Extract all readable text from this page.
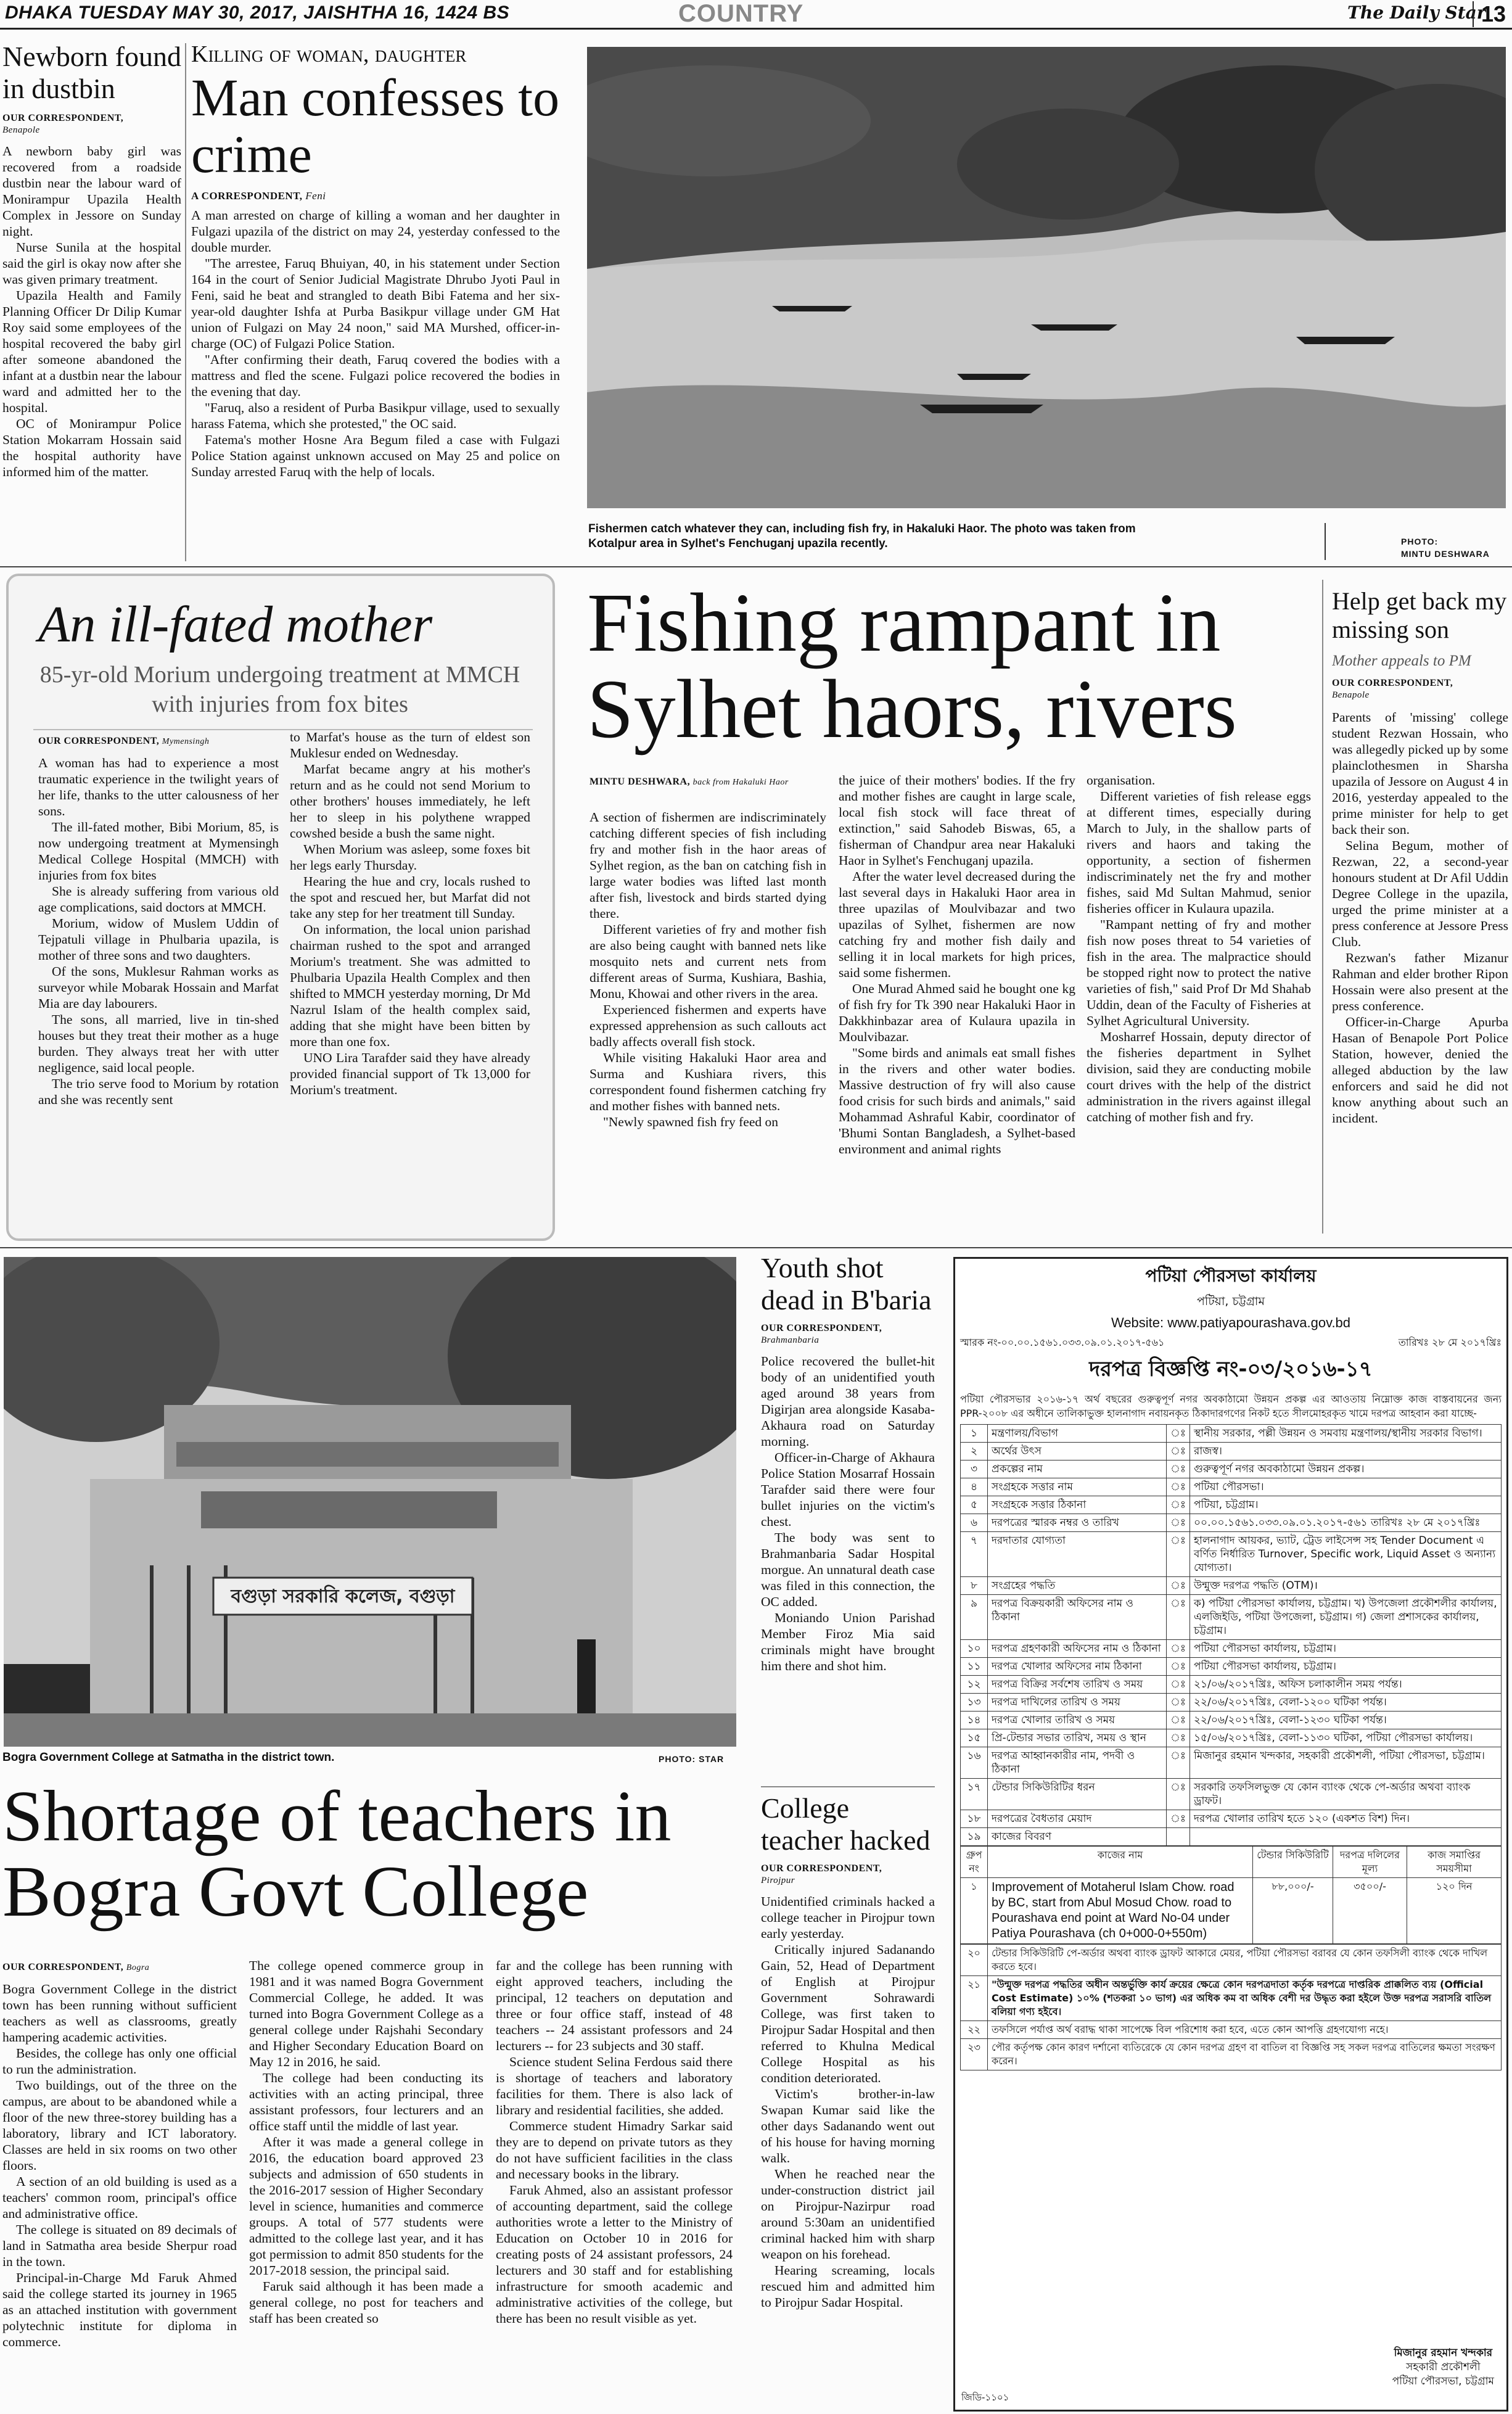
DHAKA TUESDAY MAY 30, 2017, JAISHTHA 16, 1424 BS	COUNTRY	The Daily Star
13
Newborn found in dustbin
OUR CORRESPONDENT,
Benapole

A newborn baby girl was recovered from a roadside dustbin near the labour ward of Monirampur Upazila Health Complex in Jessore on Sunday night.

Nurse Sunila at the hospital said the girl is okay now after she was given primary treatment.

Upazila Health and Family Planning Officer Dr Dilip Kumar Roy said some employees of the hospital recovered the baby girl after someone abandoned the infant at a dustbin near the labour ward and admitted her to the hospital.

OC of Monirampur Police Station Mokarram Hossain said the hospital authority have informed him of the matter.

Killing of woman, daughter
Man confesses to crime
A CORRESPONDENT, Feni

A man arrested on charge of killing a woman and her daughter in Fulgazi upazila of the district on may 24, yesterday confessed to the double murder.

"The arrestee, Faruq Bhuiyan, 40, in his statement under Section 164 in the court of Senior Judicial Magistrate Dhrubo Jyoti Paul in Feni, said he beat and strangled to death Bibi Fatema and her six-year-old daughter Ishfa at Purba Basikpur village under GM Hat union of Fulgazi on May 24 noon," said MA Murshed, officer-in-charge (OC) of Fulgazi Police Station.

"After confirming their death, Faruq covered the bodies with a mattress and fled the scene. Fulgazi police recovered the bodies in the evening that day.

"Faruq, also a resident of Purba Basikpur village, used to sexually harass Fatema, which she protested," the OC said.

Fatema's mother Hosne Ara Begum filed a case with Fulgazi Police Station against unknown accused on May 25 and police on Sunday arrested Faruq with the help of locals.

Fishermen catch whatever they can, including fish fry, in Hakaluki Haor. The photo was taken from Kotalpur area in Sylhet's Fenchuganj upazila recently.	PHOTO:
MINTU DESHWARA
An ill-fated mother
85-yr-old Morium undergoing treatment at MMCH with injuries from fox bites
OUR CORRESPONDENT, Mymensingh

A woman has had to experience a most traumatic experience in the twilight years of her life, thanks to the utter calousness of her sons.

The ill-fated mother, Bibi Morium, 85, is now undergoing treatment at Mymensingh Medical College Hospital (MMCH) with injuries from fox bites

She is already suffering from various old age complications, said doctors at MMCH.

Morium, widow of Muslem Uddin of Tejpatuli village in Phulbaria upazila, is mother of three sons and two daughters.

Of the sons, Muklesur Rahman works as surveyor while Mobarak Hossain and Marfat Mia are day labourers.

The sons, all married, live in tin-shed houses but they treat their mother as a huge burden. They always treat her with utter negligence, said local people.

The trio serve food to Morium by rotation and she was recently sent

to Marfat's house as the turn of eldest son Muklesur ended on Wednesday.

Marfat became angry at his mother's return and as he could not send Morium to other brothers' houses immediately, he left her to sleep in his polythene wrapped cowshed beside a bush the same night.

When Morium was asleep, some foxes bit her legs early Thursday.

Hearing the hue and cry, locals rushed to the spot and rescued her, but Marfat did not take any step for her treatment till Sunday.

On information, the local union parishad chairman rushed to the spot and arranged Morium's treatment. She was admitted to Phulbaria Upazila Health Complex and then shifted to MMCH yesterday morning, Dr Md Nazrul Islam of the health complex said, adding that she might have been bitten by more than one fox.

UNO Lira Tarafder said they have already provided financial support of Tk 13,000 for Morium's treatment.

Fishing rampant in Sylhet haors, rivers
MINTU DESHWARA, back from Hakaluki Haor

A section of fishermen are indiscriminately catching different species of fish including fry and mother fish in the haor areas of Sylhet region, as the ban on catching fish in large water bodies was lifted last month after fish, livestock and birds started dying there.

Different varieties of fry and mother fish are also being caught with banned nets like mosquito nets and current nets from different areas of Surma, Kushiara, Bashia, Monu, Khowai and other rivers in the area.

Experienced fishermen and experts have expressed apprehension as such callouts act badly affects overall fish stock.

While visiting Hakaluki Haor area and Surma and Kushiara rivers, this correspondent found fishermen catching fry and mother fishes with banned nets.

"Newly spawned fish fry feed on

the juice of their mothers' bodies. If the fry and mother fishes are caught in large scale, local fish stock will face threat of extinction," said Sahodeb Biswas, 65, a fisherman of Chandpur area near Hakaluki Haor in Sylhet's Fenchuganj upazila.

After the water level decreased during the last several days in Hakaluki Haor area in three upazilas of Moulvibazar and two upazilas of Sylhet, fishermen are now catching fry and mother fish daily and selling it in local markets for high prices, said some fishermen.

One Murad Ahmed said he bought one kg of fish fry for Tk 390 near Hakaluki Haor in Dakkhinbazar area of Kulaura upazila in Moulvibazar.

"Some birds and animals eat small fishes in the rivers and other water bodies. Massive destruction of fry will also cause food crisis for such birds and animals," said Mohammad Ashraful Kabir, coordinator of 'Bhumi Sontan Bangladesh, a Sylhet-based environment and animal rights

organisation.

Different varieties of fish release eggs at different times, especially during March to July, in the shallow parts of rivers and haors and taking the opportunity, a section of fishermen indiscriminately net the fry and mother fishes, said Md Sultan Mahmud, senior fisheries officer in Kulaura upazila.

"Rampant netting of fry and mother fish now poses threat to 54 varieties of fish in the area. The malpractice should be stopped right now to protect the native varieties of fish," said Prof Dr Md Shahab Uddin, dean of the Faculty of Fisheries at Sylhet Agricultural University.

Mosharref Hossain, deputy director of the fisheries department in Sylhet division, said they are conducting mobile court drives with the help of the district administration in the rivers against illegal catching of mother fish and fry.

Help get back my missing son
Mother appeals to PM
OUR CORRESPONDENT,
Benapole

Parents of 'missing' college student Rezwan Hossain, who was allegedly picked up by some plainclothesmen in Sharsha upazila of Jessore on August 4 in 2016, yesterday appealed to the prime minister for help to get back their son.

Selina Begum, mother of Rezwan, 22, a second-year honours student at Dr Afil Uddin Degree College in the upazila, urged the prime minister at a press conference at Jessore Press Club.

Rezwan's father Mizanur Rahman and elder brother Ripon Hossain were also present at the press conference.

Officer-in-Charge Apurba Hasan of Benapole Port Police Station, however, denied the alleged abduction by the law enforcers and said he did not know anything about such an incident.

বগুড়া সরকারি কলেজ, বগুড়া
Bogra Government College at Satmatha in the district town.	PHOTO: STAR
Shortage of teachers in Bogra Govt College
OUR CORRESPONDENT, Bogra

Bogra Government College in the district town has been running without sufficient teachers as well as classrooms, greatly hampering academic activities.

Besides, the college has only one official to run the administration.

Two buildings, out of the three on the campus, are about to be abandoned while a floor of the new three-storey building has a laboratory, library and ICT laboratory. Classes are held in six rooms on two other floors.

A section of an old building is used as a teachers' common room, principal's office and administrative office.

The college is situated on 89 decimals of land in Satmatha area beside Sherpur road in the town.

Principal-in-Charge Md Faruk Ahmed said the college started its journey in 1965 as an attached institution with government polytechnic institute for diploma in commerce.

The college opened commerce group in 1981 and it was named Bogra Government Commercial College, he added. It was turned into Bogra Government College as a general college under Rajshahi Secondary and Higher Secondary Education Board on May 12 in 2016, he said.

The college had been conducting its activities with an acting principal, three assistant professors, four lecturers and an office staff until the middle of last year.

After it was made a general college in 2016, the education board approved 23 subjects and admission of 650 students in the 2016-2017 session of Higher Secondary level in science, humanities and commerce groups. A total of 577 students were admitted to the college last year, and it has got permission to admit 850 students for the 2017-2018 session, the principal said.

Faruk said although it has been made a general college, no post for teachers and staff has been created so

far and the college has been running with eight approved teachers, including the principal, 12 teachers on deputation and three or four office staff, instead of 48 teachers -- 24 assistant professors and 24 lecturers -- for 23 subjects and 30 staff.

Science student Selina Ferdous said there is shortage of teachers and laboratory facilities for them. There is also lack of library and residential facilities, she added.

Commerce student Himadry Sarkar said they are to depend on private tutors as they do not have sufficient facilities in the class and necessary books in the library.

Faruk Ahmed, also an assistant professor of accounting department, said the college authorities wrote a letter to the Ministry of Education on October 10 in 2016 for creating posts of 24 assistant professors, 24 lecturers and 30 staff and for establishing infrastructure for smooth academic and administrative activities of the college, but there has been no result visible as yet.

Youth shot dead in B'baria
OUR CORRESPONDENT,
Brahmanbaria

Police recovered the bullet-hit body of an unidentified youth aged around 38 years from Digirjan area alongside Kasaba-Akhaura road on Saturday morning.

Officer-in-Charge of Akhaura Police Station Mosarraf Hossain Tarafder said there were four bullet injuries on the victim's chest.

The body was sent to Brahmanbaria Sadar Hospital morgue. An unnatural death case was filed in this connection, the OC added.

Moniando Union Parishad Member Firoz Mia said criminals might have brought him there and shot him.

College teacher hacked
OUR CORRESPONDENT,
Pirojpur

Unidentified criminals hacked a college teacher in Pirojpur town early yesterday.

Critically injured Sadanando Gain, 52, Head of Department of English at Pirojpur Government Sohrawardi College, was first taken to Pirojpur Sadar Hospital and then referred to Khulna Medical College Hospital as his condition deteriorated.

Victim's brother-in-law Swapan Kumar said like the other days Sadanando went out of his house for having morning walk.

When he reached near the under-construction district jail on Pirojpur-Nazirpur road around 5:30am an unidentified criminal hacked him with sharp weapon on his forehead.

Hearing screaming, locals rescued him and admitted him to Pirojpur Sadar Hospital.

পটিয়া পৌরসভা কার্যালয়
পটিয়া, চট্টগ্রাম
Website: www.patiyapourashava.gov.bd
স্মারক নং-০০.০০.১৫৬১.০৩৩.০৯.০১.২০১৭-৫৬১	তারিখঃ ২৮ মে ২০১৭খ্রিঃ
দরপত্র বিজ্ঞপ্তি নং-০৩/২০১৬-১৭
পটিয়া পৌরসভার ২০১৬-১৭ অর্থ বছরের গুরুত্বপূর্ণ নগর অবকাঠামো উন্নয়ন প্রকল্প এর আওতায় নিম্নোক্ত কাজ বাস্তবায়নের জন্য PPR-২০০৮ এর অধীনে তালিকাভুক্ত হালনাগাদ নবায়নকৃত ঠিকাদারগণের নিকট হতে সীলমোহরকৃত খামে দরপত্র আহবান করা যাচ্ছে-
১	মন্ত্রণালয়/বিভাগ	ঃ	স্থানীয় সরকার, পল্লী উন্নয়ন ও সমবায় মন্ত্রণালয়/স্থানীয় সরকার বিভাগ।
২	অর্থের উৎস	ঃ	রাজস্ব।
৩	প্রকল্পের নাম	ঃ	গুরুত্বপূর্ণ নগর অবকাঠামো উন্নয়ন প্রকল্প।
৪	সংগ্রহকে সত্তার নাম	ঃ	পটিয়া পৌরসভা।
৫	সংগ্রহকে সত্তার ঠিকানা	ঃ	পটিয়া, চট্টগ্রাম।
৬	দরপত্রের স্মারক নম্বর ও তারিখ	ঃ	০০.০০.১৫৬১.০৩৩.০৯.০১.২০১৭-৫৬১ তারিখঃ ২৮ মে ২০১৭খ্রিঃ
৭	দরদাতার যোগ্যতা	ঃ	হালনাগাদ আয়কর, ভ্যাট, ট্রেড লাইসেন্স সহ Tender Document এ বর্ণিত নির্ধারিত Turnover, Specific work, Liquid Asset ও অন্যান্য যোগ্যতা।
৮	সংগ্রহের পদ্ধতি	ঃ	উন্মুক্ত দরপত্র পদ্ধতি (OTM)।
৯	দরপত্র বিক্রয়কারী অফিসের নাম ও ঠিকানা	ঃ	ক) পটিয়া পৌরসভা কার্যালয়, চট্টগ্রাম। খ) উপজেলা প্রকৌশলীর কার্যালয়, এলজিইডি, পটিয়া উপজেলা, চট্টগ্রাম। গ) জেলা প্রশাসকের কার্যালয়, চট্টগ্রাম।
১০	দরপত্র গ্রহণকারী অফিসের নাম ও ঠিকানা	ঃ	পটিয়া পৌরসভা কার্যালয়, চট্টগ্রাম।
১১	দরপত্র খোলার অফিসের নাম ঠিকানা	ঃ	পটিয়া পৌরসভা কার্যালয়, চট্টগ্রাম।
১২	দরপত্র বিক্রির সর্বশেষ তারিখ ও সময়	ঃ	২১/০৬/২০১৭খ্রিঃ, অফিস চলাকালীন সময় পর্যন্ত।
১৩	দরপত্র দাখিলের তারিখ ও সময়	ঃ	২২/০৬/২০১৭খ্রিঃ, বেলা-১২০০ ঘটিকা পর্যন্ত।
১৪	দরপত্র খোলার তারিখ ও সময়	ঃ	২২/০৬/২০১৭খ্রিঃ, বেলা-১২৩০ ঘটিকা পর্যন্ত।
১৫	প্রি-টেন্ডার সভার তারিখ, সময় ও স্থান	ঃ	১৫/০৬/২০১৭খ্রিঃ, বেলা-১১৩০ ঘটিকা, পটিয়া পৌরসভা কার্যালয়।
১৬	দরপত্র আহ্বানকারীর নাম, পদবী ও ঠিকানা	ঃ	মিজানুর রহমান খন্দকার, সহকারী প্রকৌশলী, পটিয়া পৌরসভা, চট্টগ্রাম।
১৭	টেন্ডার সিকিউরিটির ধরন	ঃ	সরকারি তফসিলভুক্ত যে কোন ব্যাংক থেকে পে-অর্ডার অথবা ব্যাংক ড্রাফট।
১৮	দরপত্রের বৈধতার মেয়াদ	ঃ	দরপত্র খোলার তারিখ হতে ১২০ (একশত বিশ) দিন।
১৯	কাজের বিবরণ		
গ্রুপ নং	কাজের নাম	টেন্ডার সিকিউরিটি	দরপত্র দলিলের মূল্য	কাজ সমাপ্তির সময়সীমা
১	Improvement of Motaherul Islam Chow. road by BC, start from Abul Mosud Chow. road to Pourashava end point at Ward No-04 under Patiya Pourashava (ch 0+000-0+550m)	৮৮,০০০/-	৩৫০০/-	১২০ দিন
২০	টেন্ডার সিকিউরিটি পে-অর্ডার অথবা ব্যাংক ড্রাফট আকারে মেয়র, পটিয়া পৌরসভা বরাবর যে কোন তফসিলী ব্যাংক থেকে দাখিল করতে হবে।
২১	"উন্মুক্ত দরপত্র পদ্ধতির অধীন অন্তর্ভুক্তি কার্য ক্রয়ের ক্ষেত্রে কোন দরপত্রদাতা কর্তৃক দরপত্রে দাপ্তরিক প্রাক্কলিত ব্যয় (Official Cost Estimate) ১০% (শতকরা ১০ ভাগ) এর অধিক কম বা অধিক বেশী দর উদ্ধৃত করা হইলে উক্ত দরপত্র সরাসরি বাতিল বলিয়া গণ্য হইবে।
২২	তফসিলে পর্যাপ্ত অর্থ বরাদ্ধ থাকা সাপেক্ষে বিল পরিশোধ করা হবে, এতে কোন আপত্তি গ্রহণযোগ্য নহে।
২৩	পৌর কর্তৃপক্ষ কোন কারণ দর্শানো ব্যতিরেকে যে কোন দরপত্র গ্রহণ বা বাতিল বা বিজ্ঞপ্তি সহ সকল দরপত্র বাতিলের ক্ষমতা সংরক্ষণ করেন।
মিজানুর রহমান খন্দকার
সহকারী প্রকৌশলী
পটিয়া পৌরসভা, চট্টগ্রাম
জিডি-১১০১
